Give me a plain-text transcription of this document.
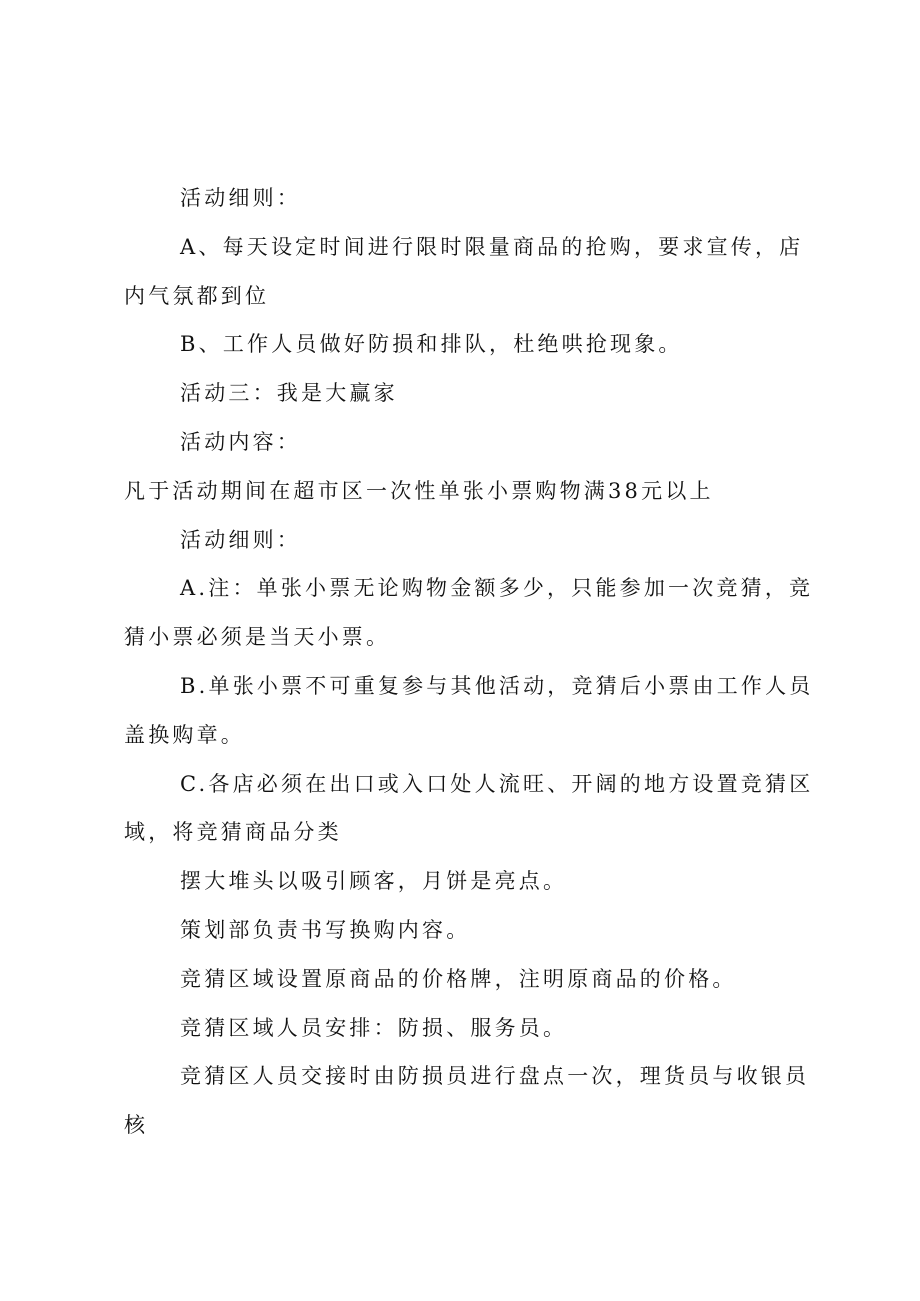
活动细则：

A、每天设定时间进行限时限量商品的抢购，要求宣传，店内气氛都到位

B、工作人员做好防损和排队，杜绝哄抢现象。

活动三：我是大赢家

活动内容：

凡于活动期间在超市区一次性单张小票购物满38元以上

活动细则：

A.注：单张小票无论购物金额多少，只能参加一次竞猜，竞猜小票必须是当天小票。

B.单张小票不可重复参与其他活动，竞猜后小票由工作人员盖换购章。

C.各店必须在出口或入口处人流旺、开阔的地方设置竞猜区

域，将竞猜商品分类

摆大堆头以吸引顾客，月饼是亮点。

策划部负责书写换购内容。

竞猜区域设置原商品的价格牌，注明原商品的价格。

竞猜区域人员安排：防损、服务员。

竞猜区人员交接时由防损员进行盘点一次，理货员与收银员核
